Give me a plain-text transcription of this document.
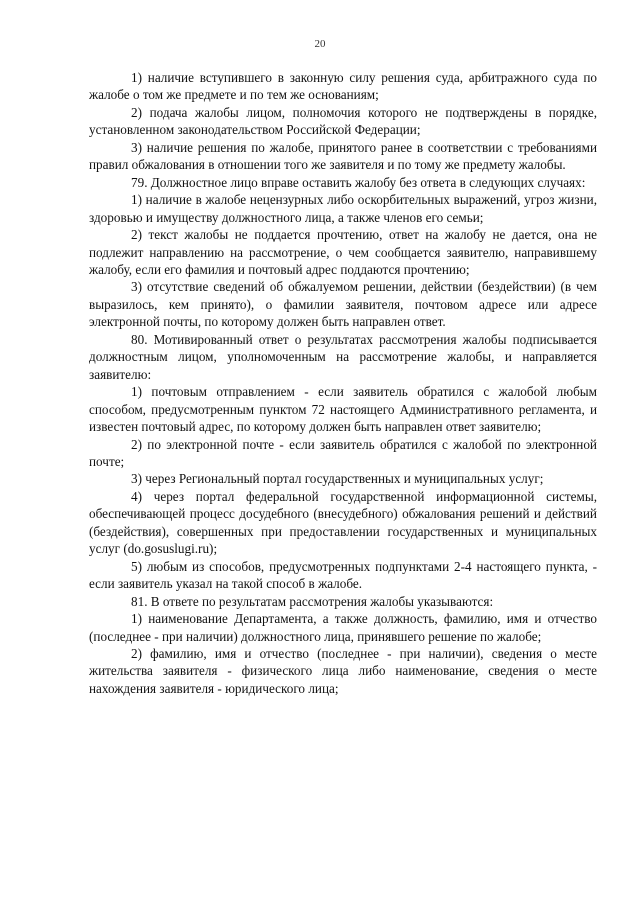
20

1) наличие вступившего в законную силу решения суда, арбитражного суда по жалобе о том же предмете и по тем же основаниям;

2) подача жалобы лицом, полномочия которого не подтверждены в порядке, установленном законодательством Российской Федерации;

3) наличие решения по жалобе, принятого ранее в соответствии с требованиями правил обжалования в отношении того же заявителя и по тому же предмету жалобы.

79. Должностное лицо вправе оставить жалобу без ответа в следующих случаях:

1) наличие в жалобе нецензурных либо оскорбительных выражений, угроз жизни, здоровью и имуществу должностного лица, а также членов его семьи;

2) текст жалобы не поддается прочтению, ответ на жалобу не дается, она не подлежит направлению на рассмотрение, о чем сообщается заявителю, направившему жалобу, если его фамилия и почтовый адрес поддаются прочтению;

3) отсутствие сведений об обжалуемом решении, действии (бездействии) (в чем выразилось, кем принято), о фамилии заявителя, почтовом адресе или адресе электронной почты, по которому должен быть направлен ответ.

80. Мотивированный ответ о результатах рассмотрения жалобы подписывается должностным лицом, уполномоченным на рассмотрение жалобы, и направляется заявителю:

1) почтовым отправлением - если заявитель обратился с жалобой любым способом, предусмотренным пунктом 72 настоящего Административного регламента, и известен почтовый адрес, по которому должен быть направлен ответ заявителю;

2) по электронной почте - если заявитель обратился с жалобой по электронной почте;

3) через Региональный портал государственных и муниципальных услуг;

4) через портал федеральной государственной информационной системы, обеспечивающей процесс досудебного (внесудебного) обжалования решений и действий (бездействия), совершенных при предоставлении государственных и муниципальных услуг (do.gosuslugi.ru);

5) любым из способов, предусмотренных подпунктами 2-4 настоящего пункта, - если заявитель указал на такой способ в жалобе.

81. В ответе по результатам рассмотрения жалобы указываются:

1) наименование Департамента, а также должность, фамилию, имя и отчество (последнее - при наличии) должностного лица, принявшего решение по жалобе;

2) фамилию, имя и отчество (последнее - при наличии), сведения о месте жительства заявителя - физического лица либо наименование, сведения о месте нахождения заявителя - юридического лица;
